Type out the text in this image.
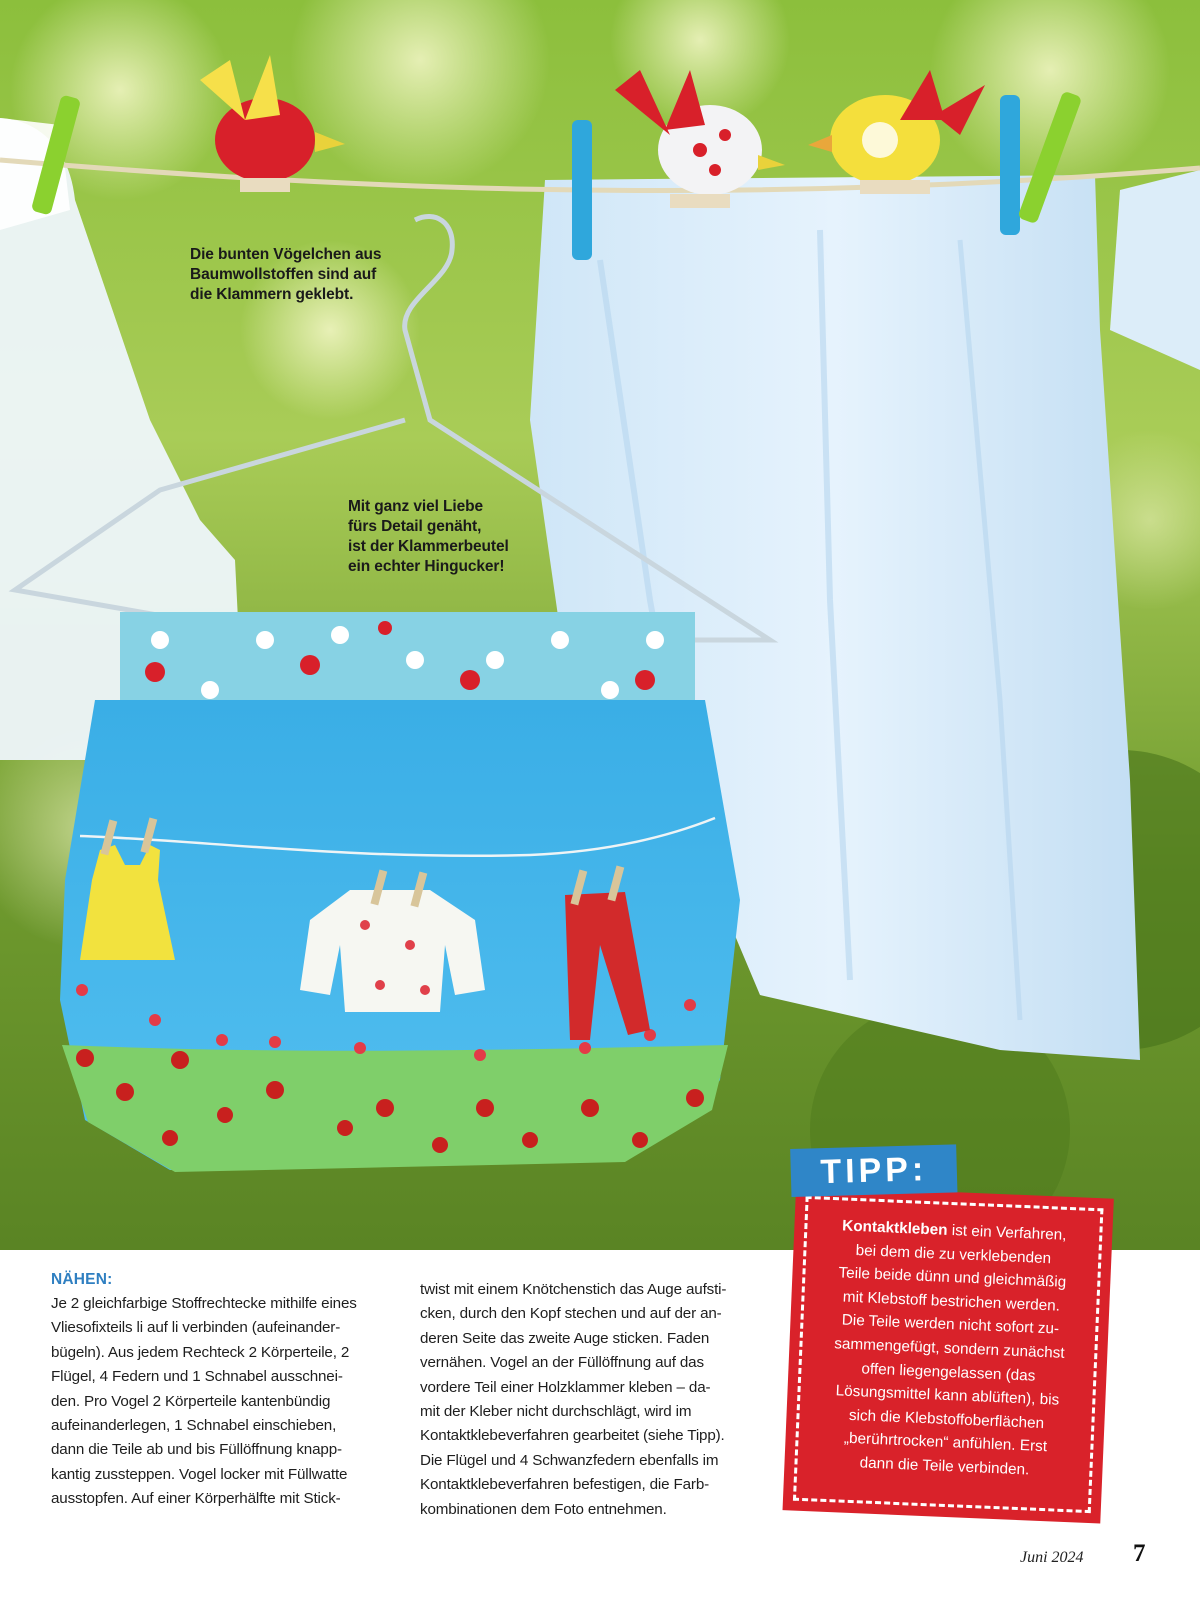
Die bunten Vögelchen aus
Baumwollstoffen sind auf
die Klammern geklebt.
Mit ganz viel Liebe
fürs Detail genäht,
ist der Klammerbeutel
ein echter Hingucker!
NÄHEN:
Je 2 gleichfarbige Stoffrechtecke mithilfe eines
Vliesofixteils li auf li verbinden (aufeinander-
bügeln). Aus jedem Rechteck 2 Körperteile, 2
Flügel, 4 Federn und 1 Schnabel ausschnei-
den. Pro Vogel 2 Körperteile kantenbündig
aufeinanderlegen, 1 Schnabel einschieben,
dann die Teile ab und bis Füllöffnung knapp-
kantig zussteppen. Vogel locker mit Füllwatte
ausstopfen. Auf einer Körperhälfte mit Stick-
twist mit einem Knötchenstich das Auge aufsti-
cken, durch den Kopf stechen und auf der an-
deren Seite das zweite Auge sticken. Faden
vernähen. Vogel an der Füllöffnung auf das
vordere Teil einer Holzklammer kleben – da-
mit der Kleber nicht durchschlägt, wird im
Kontaktklebeverfahren gearbeitet (siehe Tipp).
Die Flügel und 4 Schwanzfedern ebenfalls im
Kontaktklebeverfahren befestigen, die Farb-
kombinationen dem Foto entnehmen.
Kontaktkleben ist ein Verfahren,
bei dem die zu verklebenden
Teile beide dünn und gleichmäßig
mit Klebstoff bestrichen werden.
Die Teile werden nicht sofort zu-
sammengefügt, sondern zunächst
offen liegengelassen (das
Lösungsmittel kann ablüften), bis
sich die Klebstoffoberflächen
„berührtrocken“ anfühlen. Erst
dann die Teile verbinden.
TIPP:
Juni 2024 7
